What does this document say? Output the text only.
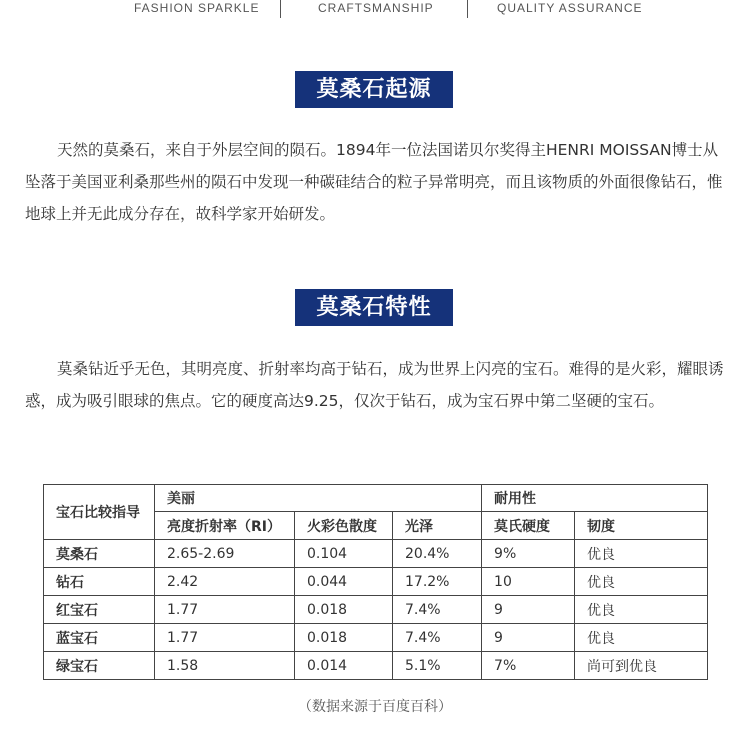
FASHION SPARKLE	CRAFTSMANSHIP	QUALITY ASSURANCE
莫桑石起源

天然的莫桑石，来自于外层空间的陨石。1894年一位法国诺贝尔奖得主HENRI MOISSAN博士从坠落于美国亚利桑那些州的陨石中发现一种碳硅结合的粒子异常明亮，而且该物质的外面很像钻石，惟地球上并无此成分存在，故科学家开始研发。

莫桑石特性

莫桑钻近乎无色，其明亮度、折射率均高于钻石，成为世界上闪亮的宝石。难得的是火彩，耀眼诱惑，成为吸引眼球的焦点。它的硬度高达9.25，仅次于钻石，成为宝石界中第二坚硬的宝石。

宝石比较指导	美丽			耐用性	
	亮度折射率（RI）	火彩色散度	光泽	莫氏硬度	韧度
莫桑石	2.65-2.69	0.104	20.4%	9%	优良
钻石	2.42	0.044	17.2%	10	优良
红宝石	1.77	0.018	7.4%	9	优良
蓝宝石	1.77	0.018	7.4%	9	优良
绿宝石	1.58	0.014	5.1%	7%	尚可到优良
（数据来源于百度百科）
